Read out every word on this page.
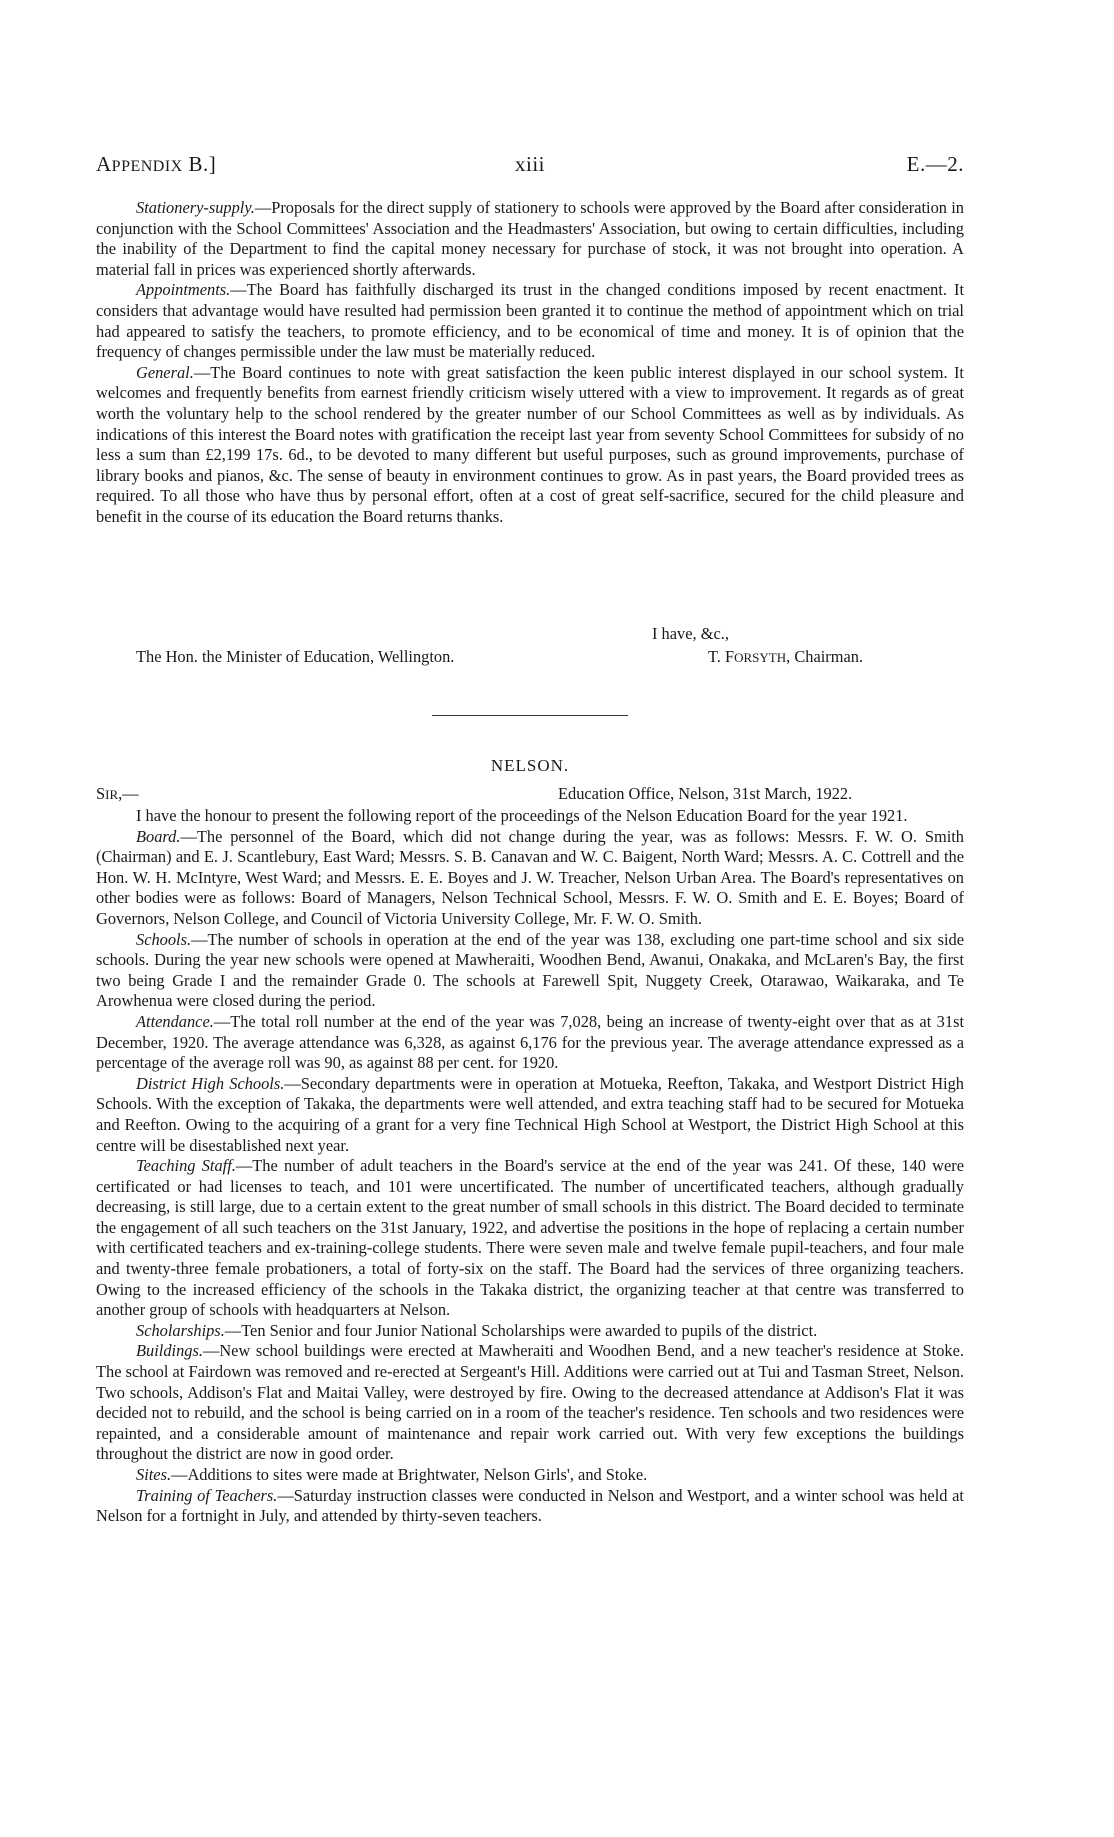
APPENDIX B.]	xiii	E.—2.

Stationery-supply.—Proposals for the direct supply of stationery to schools were approved by the Board after consideration in conjunction with the School Committees' Association and the Headmasters' Association, but owing to certain difficulties, including the inability of the Department to find the capital money necessary for purchase of stock, it was not brought into operation. A material fall in prices was experienced shortly afterwards.

Appointments.—The Board has faithfully discharged its trust in the changed conditions imposed by recent enactment. It considers that advantage would have resulted had permission been granted it to continue the method of appointment which on trial had appeared to satisfy the teachers, to promote efficiency, and to be economical of time and money. It is of opinion that the frequency of changes permissible under the law must be materially reduced.

General.—The Board continues to note with great satisfaction the keen public interest displayed in our school system. It welcomes and frequently benefits from earnest friendly criticism wisely uttered with a view to improvement. It regards as of great worth the voluntary help to the school rendered by the greater number of our School Committees as well as by individuals. As indications of this interest the Board notes with gratification the receipt last year from seventy School Committees for subsidy of no less a sum than £2,199 17s. 6d., to be devoted to many different but useful purposes, such as ground improvements, purchase of library books and pianos, &c. The sense of beauty in environment continues to grow. As in past years, the Board provided trees as required. To all those who have thus by personal effort, often at a cost of great self-sacrifice, secured for the child pleasure and benefit in the course of its education the Board returns thanks.

I have, &c.,
The Hon. the Minister of Education, Wellington.	T. FORSYTH, Chairman.
NELSON.
SIR,—	Education Office, Nelson, 31st March, 1922.

I have the honour to present the following report of the proceedings of the Nelson Education Board for the year 1921.

Board.—The personnel of the Board, which did not change during the year, was as follows: Messrs. F. W. O. Smith (Chairman) and E. J. Scantlebury, East Ward; Messrs. S. B. Canavan and W. C. Baigent, North Ward; Messrs. A. C. Cottrell and the Hon. W. H. McIntyre, West Ward; and Messrs. E. E. Boyes and J. W. Treacher, Nelson Urban Area. The Board's representatives on other bodies were as follows: Board of Managers, Nelson Technical School, Messrs. F. W. O. Smith and E. E. Boyes; Board of Governors, Nelson College, and Council of Victoria University College, Mr. F. W. O. Smith.

Schools.—The number of schools in operation at the end of the year was 138, excluding one part-time school and six side schools. During the year new schools were opened at Mawheraiti, Woodhen Bend, Awanui, Onakaka, and McLaren's Bay, the first two being Grade I and the remainder Grade 0. The schools at Farewell Spit, Nuggety Creek, Otarawao, Waikaraka, and Te Arowhenua were closed during the period.

Attendance.—The total roll number at the end of the year was 7,028, being an increase of twenty-eight over that as at 31st December, 1920. The average attendance was 6,328, as against 6,176 for the previous year. The average attendance expressed as a percentage of the average roll was 90, as against 88 per cent. for 1920.

District High Schools.—Secondary departments were in operation at Motueka, Reefton, Takaka, and Westport District High Schools. With the exception of Takaka, the departments were well attended, and extra teaching staff had to be secured for Motueka and Reefton. Owing to the acquiring of a grant for a very fine Technical High School at Westport, the District High School at this centre will be disestablished next year.

Teaching Staff.—The number of adult teachers in the Board's service at the end of the year was 241. Of these, 140 were certificated or had licenses to teach, and 101 were uncertificated. The number of uncertificated teachers, although gradually decreasing, is still large, due to a certain extent to the great number of small schools in this district. The Board decided to terminate the engagement of all such teachers on the 31st January, 1922, and advertise the positions in the hope of replacing a certain number with certificated teachers and ex-training-college students. There were seven male and twelve female pupil-teachers, and four male and twenty-three female probationers, a total of forty-six on the staff. The Board had the services of three organizing teachers. Owing to the increased efficiency of the schools in the Takaka district, the organizing teacher at that centre was transferred to another group of schools with headquarters at Nelson.

Scholarships.—Ten Senior and four Junior National Scholarships were awarded to pupils of the district.

Buildings.—New school buildings were erected at Mawheraiti and Woodhen Bend, and a new teacher's residence at Stoke. The school at Fairdown was removed and re-erected at Sergeant's Hill. Additions were carried out at Tui and Tasman Street, Nelson. Two schools, Addison's Flat and Maitai Valley, were destroyed by fire. Owing to the decreased attendance at Addison's Flat it was decided not to rebuild, and the school is being carried on in a room of the teacher's residence. Ten schools and two residences were repainted, and a considerable amount of maintenance and repair work carried out. With very few exceptions the buildings throughout the district are now in good order.

Sites.—Additions to sites were made at Brightwater, Nelson Girls', and Stoke.

Training of Teachers.—Saturday instruction classes were conducted in Nelson and Westport, and a winter school was held at Nelson for a fortnight in July, and attended by thirty-seven teachers.
